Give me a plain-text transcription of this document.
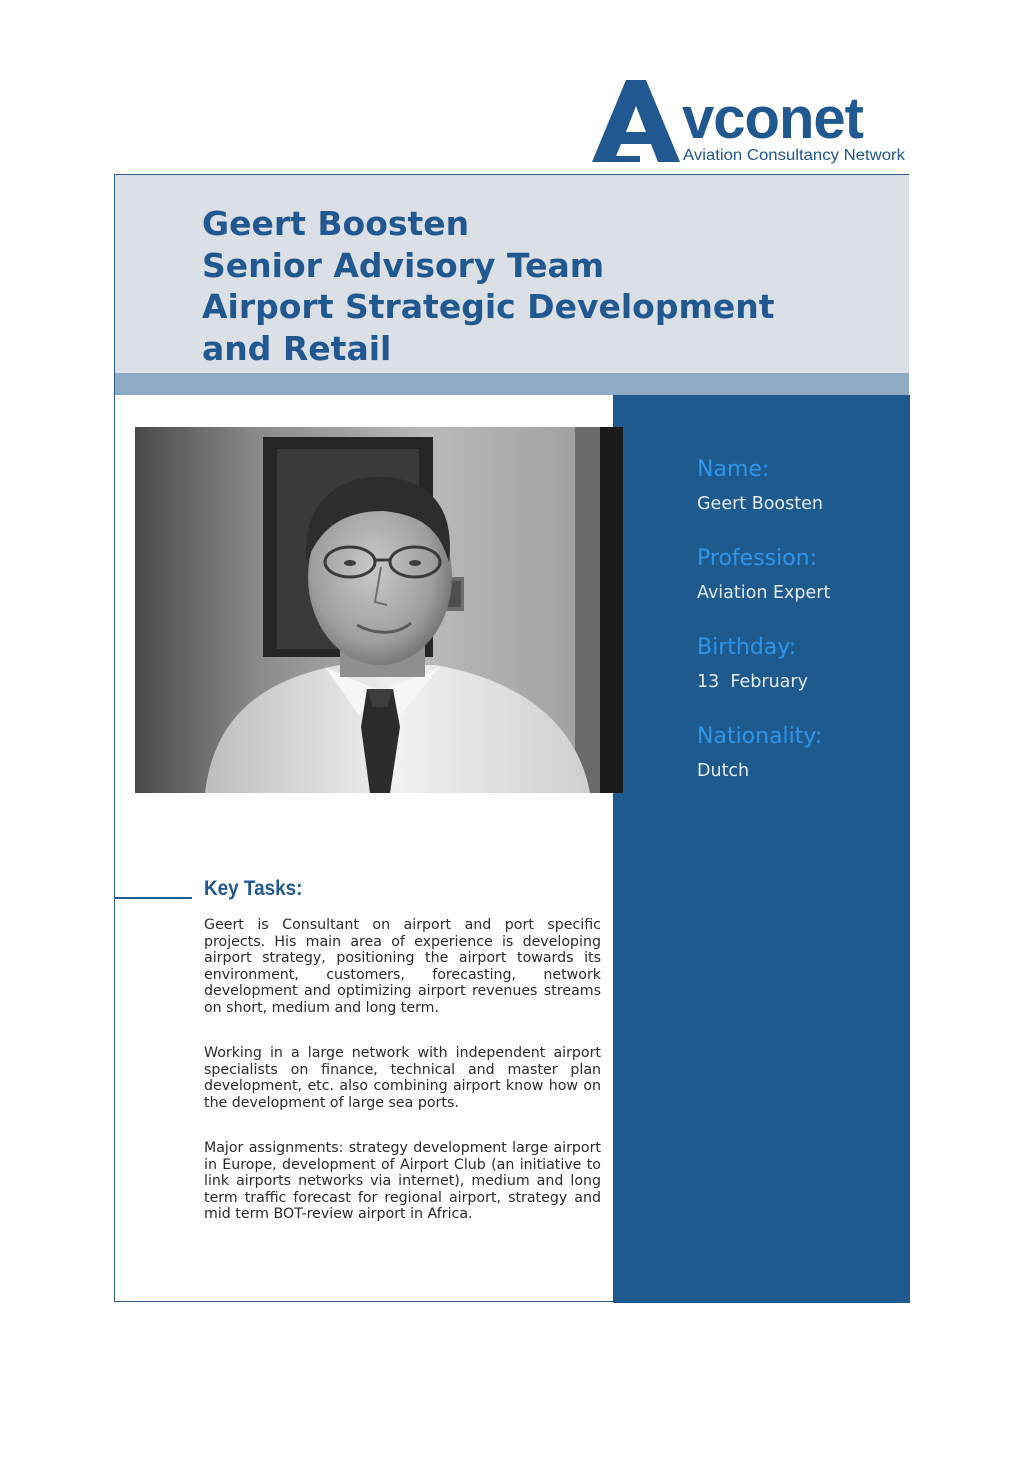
vconet
Aviation Consultancy Network
Geert Boosten
Senior Advisory Team
Airport Strategic Development
and Retail

Name:

Geert Boosten

Profession:

Aviation Expert

Birthday:

13  February

Nationality:

Dutch

Key Tasks:

Geert is Consultant on airport and port specific projects. His main area of experience is developing airport strategy, positioning the airport towards its environment, customers, forecasting, network development and optimizing airport revenues streams on short, medium and long term.

Working in a large network with independent airport specialists on finance, technical and master plan development, etc. also combining airport know how on the development of large sea ports.

Major assignments: strategy development large airport in Europe, development of Airport Club (an initiative to link airports networks via internet), medium and long term traffic forecast for regional airport, strategy and mid term BOT-review airport in Africa.
